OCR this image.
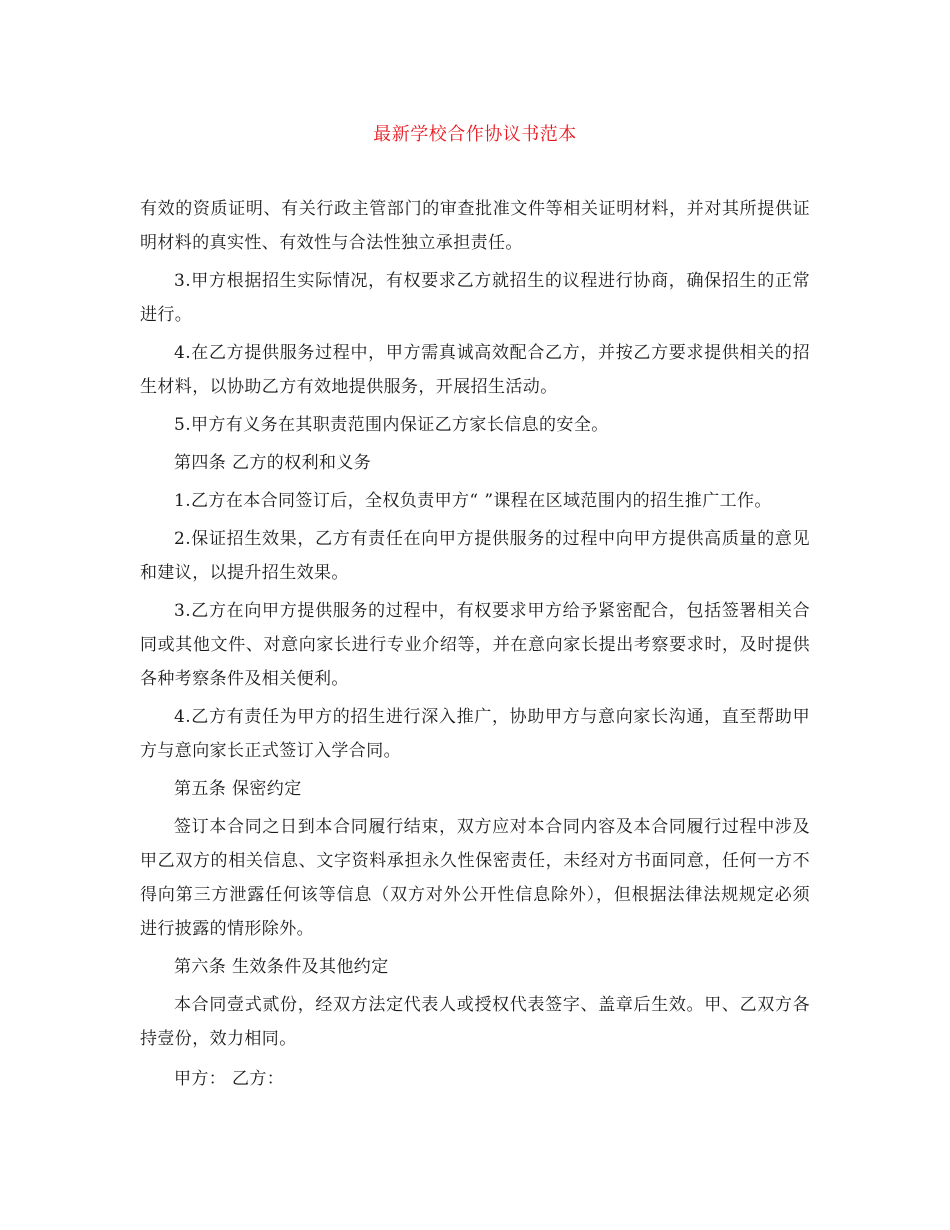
最新学校合作协议书范本

有效的资质证明、有关行政主管部门的审查批准文件等相关证明材料，并对其所提供证明材料的真实性、有效性与合法性独立承担责任。

3.甲方根据招生实际情况，有权要求乙方就招生的议程进行协商，确保招生的正常进行。

4.在乙方提供服务过程中，甲方需真诚高效配合乙方，并按乙方要求提供相关的招生材料，以协助乙方有效地提供服务，开展招生活动。

5.甲方有义务在其职责范围内保证乙方家长信息的安全。

第四条 乙方的权利和义务

1.乙方在本合同签订后，全权负责甲方“ ”课程在区域范围内的招生推广工作。

2.保证招生效果，乙方有责任在向甲方提供服务的过程中向甲方提供高质量的意见和建议，以提升招生效果。

3.乙方在向甲方提供服务的过程中，有权要求甲方给予紧密配合，包括签署相关合同或其他文件、对意向家长进行专业介绍等，并在意向家长提出考察要求时，及时提供各种考察条件及相关便利。

4.乙方有责任为甲方的招生进行深入推广，协助甲方与意向家长沟通，直至帮助甲方与意向家长正式签订入学合同。

第五条 保密约定

签订本合同之日到本合同履行结束，双方应对本合同内容及本合同履行过程中涉及甲乙双方的相关信息、文字资料承担永久性保密责任，未经对方书面同意，任何一方不得向第三方泄露任何该等信息（双方对外公开性信息除外），但根据法律法规规定必须进行披露的情形除外。

第六条 生效条件及其他约定

本合同壹式贰份，经双方法定代表人或授权代表签字、盖章后生效。甲、乙双方各持壹份，效力相同。

甲方： 乙方：
